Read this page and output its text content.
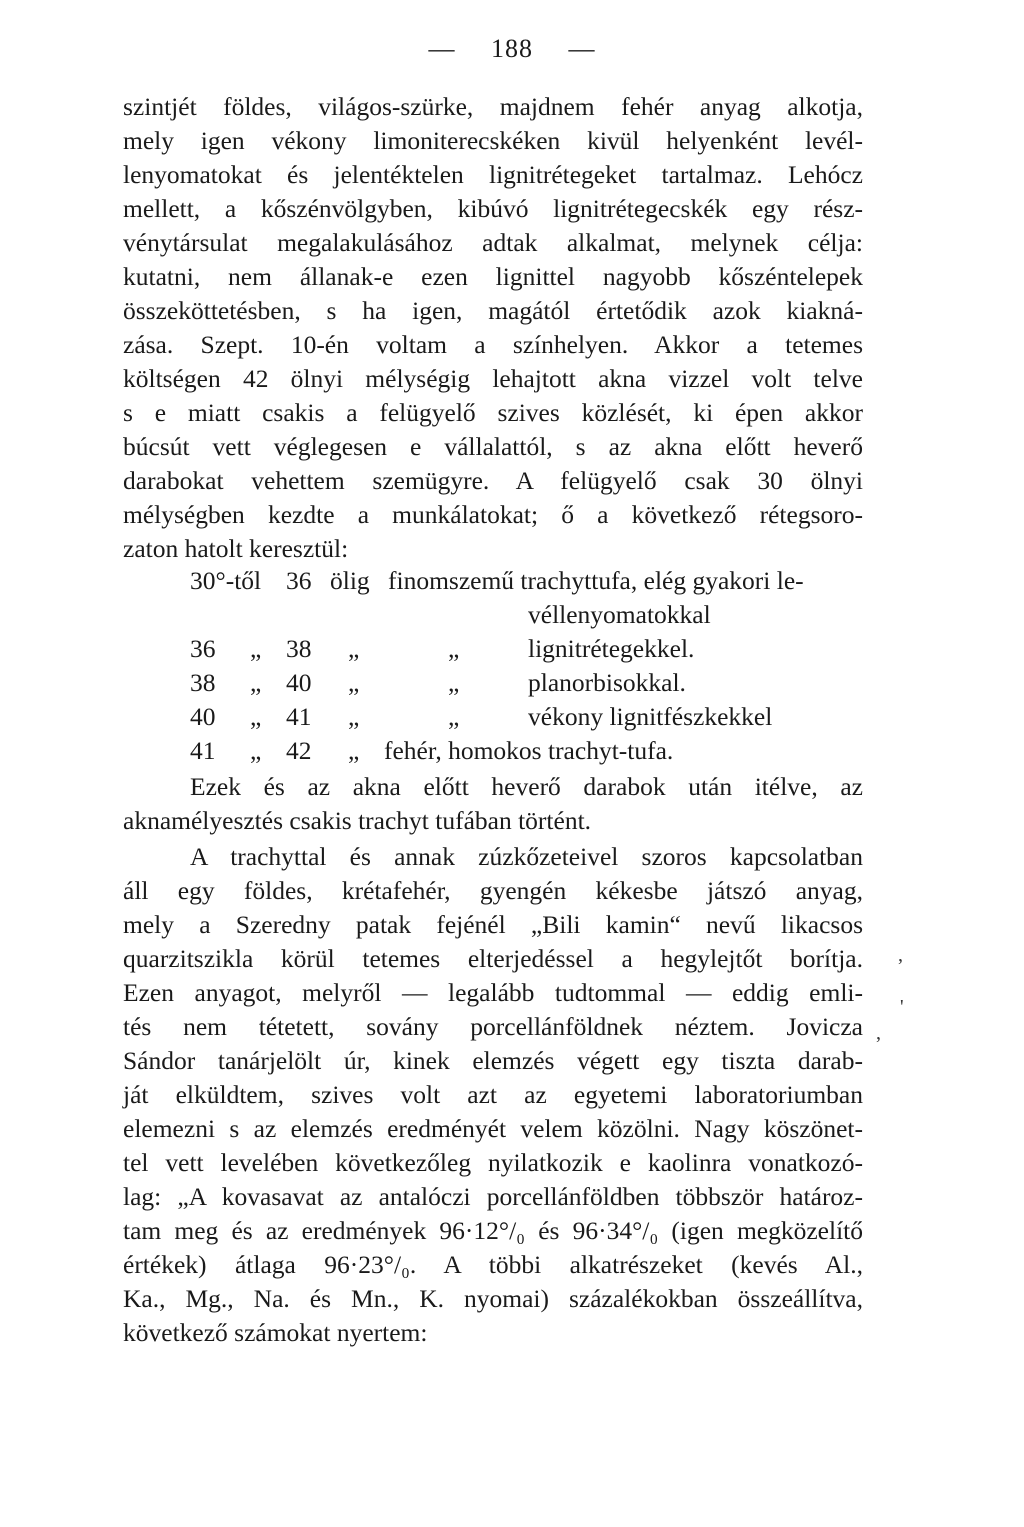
— 188 —
szintjét földes, világos-szürke, majdnem fehér anyag alkotja,
mely igen vékony limoniterecskéken kivül helyenként levél-
lenyomatokat és jelentéktelen lignitrétegeket tartalmaz. Lehócz
mellett, a kőszénvölgyben, kibúvó lignitrétegecskék egy rész-
vénytársulat megalakulásához adtak alkalmat, melynek célja:
kutatni, nem állanak-e ezen lignittel nagyobb kőszéntelepek
összeköttetésben, s ha igen, magától értetődik azok kiakná-
zása. Szept. 10-én voltam a színhelyen. Akkor a tetemes
költségen 42 ölnyi mélységig lehajtott akna vizzel volt telve
s e miatt csakis a felügyelő szives közlését, ki épen akkor
búcsút vett véglegesen e vállalattól, s az akna előtt heverő
darabokat vehettem szemügyre. A felügyelő csak 30 ölnyi
mélységben kezdte a munkálatokat; ő a következő rétegsoro-
zaton hatolt keresztül:
30°-től 36 ölig finomszemű trachyttufa, elég gyakori le-
véllenyomatokkal
36 „ 38 „	„	lignitrétegekkel.
38 „ 40 „	„	planorbisokkal.
40 „ 41 „	„	vékony lignitfészkekkel
41 „ 42 „ fehér, homokos trachyt-tufa.
Ezek és az akna előtt heverő darabok után itélve, az
aknamélyesztés csakis trachyt tufában történt.
A trachyttal és annak zúzkőzeteivel szoros kapcsolatban
áll egy földes, krétafehér, gyengén kékesbe játszó anyag,
mely a Szeredny patak fejénél „Bili kamin“ nevű likacsos
quarzitszikla körül tetemes elterjedéssel a hegylejtőt borítja.
Ezen anyagot, melyről — legalább tudtommal — eddig emli-
tés nem tétetett, sovány porcellánföldnek néztem. Jovicza
Sándor tanárjelölt úr, kinek elemzés végett egy tiszta darab-
ját elküldtem, szives volt azt az egyetemi laboratoriumban
elemezni s az elemzés eredményét velem közölni. Nagy köszönet-
tel vett levelében következőleg nyilatkozik e kaolinra vonatkozó-
lag: „A kovasavat az antalóczi porcellánföldben többször határoz-
tam meg és az eredmények 96·12°/₀ és 96·34°/₀ (igen megközelítő
értékek) átlaga 96·23°/₀. A többi alkatrészeket (kevés Al.,
Ka., Mg., Na. és Mn., K. nyomai) százalékokban összeállítva,
következő számokat nyertem:
,
'
,
